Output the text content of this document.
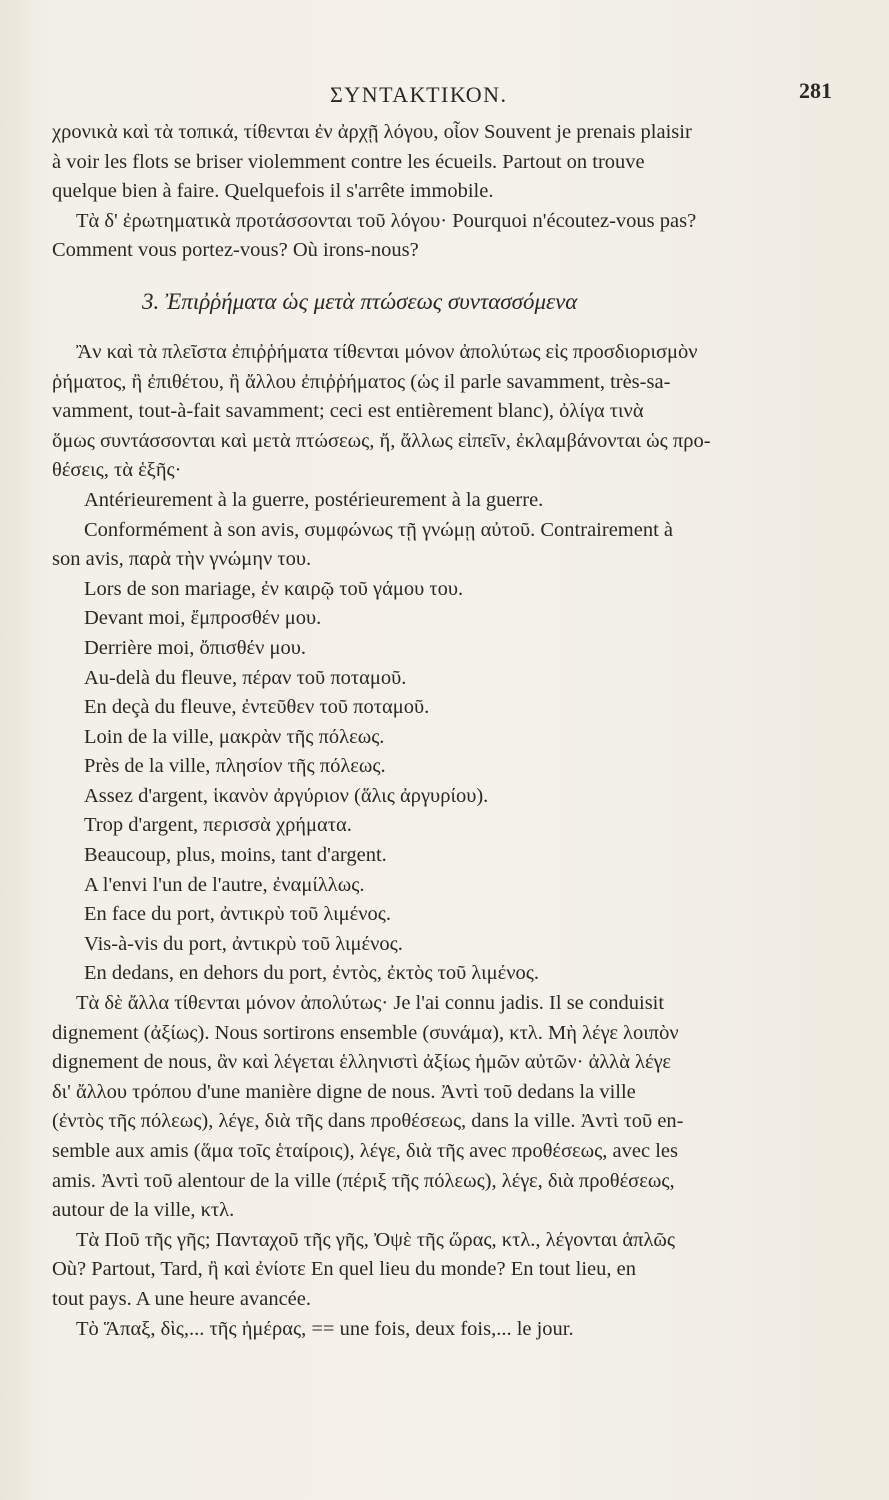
ΣΥΝΤΑΚΤΙΚΟΝ.	281
χρονικὰ καὶ τὰ τοπικά, τίθενται ἐν ἀρχῇ λόγου, οἷον Souvent je prenais plaisir
à voir les flots se briser violemment contre les écueils. Partout on trouve
quelque bien à faire. Quelquefois il s'arrête immobile.
Τὰ δ' ἐρωτηματικὰ προτάσσονται τοῦ λόγου· Pourquoi n'écoutez-vous pas?
Comment vous portez-vous? Où irons-nous?
3. Ἐπιῤῥήματα ὡς μετὰ πτώσεως συντασσόμενα
Ἂν καὶ τὰ πλεῖστα ἐπιῤῥήματα τίθενται μόνον ἀπολύτως εἰς προσδιορισμὸν
ῥήματος, ἢ ἐπιθέτου, ἢ ἄλλου ἐπιῤῥήματος (ὡς il parle savamment, très-sa-
vamment, tout-à-fait savamment; ceci est entièrement blanc), ὀλίγα τινὰ
ὅμως συντάσσονται καὶ μετὰ πτώσεως, ἤ, ἄλλως εἰπεῖν, ἐκλαμβάνονται ὡς προ-
θέσεις, τὰ ἑξῆς·
Antérieurement à la guerre, postérieurement à la guerre.
Conformément à son avis, συμφώνως τῇ γνώμῃ αὐτοῦ. Contrairement à
son avis, παρὰ τὴν γνώμην του.
Lors de son mariage, ἐν καιρῷ τοῦ γάμου του.
Devant moi, ἔμπροσθέν μου.
Derrière moi, ὄπισθέν μου.
Au-delà du fleuve, πέραν τοῦ ποταμοῦ.
En deçà du fleuve, ἐντεῦθεν τοῦ ποταμοῦ.
Loin de la ville, μακρὰν τῆς πόλεως.
Près de la ville, πλησίον τῆς πόλεως.
Assez d'argent, ἱκανὸν ἀργύριον (ἅλις ἀργυρίου).
Trop d'argent, περισσὰ χρήματα.
Beaucoup, plus, moins, tant d'argent.
A l'envi l'un de l'autre, ἐναμίλλως.
En face du port, ἀντικρὺ τοῦ λιμένος.
Vis-à-vis du port, ἀντικρὺ τοῦ λιμένος.
En dedans, en dehors du port, ἐντὸς, ἐκτὸς τοῦ λιμένος.
Τὰ δὲ ἄλλα τίθενται μόνον ἀπολύτως· Je l'ai connu jadis. Il se conduisit
dignement (ἀξίως). Nous sortirons ensemble (συνάμα), κτλ. Μὴ λέγε λοιπὸν
dignement de nous, ἂν καὶ λέγεται ἑλληνιστὶ ἀξίως ἡμῶν αὐτῶν· ἀλλὰ λέγε
δι' ἄλλου τρόπου d'une manière digne de nous. Ἀντὶ τοῦ dedans la ville
(ἐντὸς τῆς πόλεως), λέγε, διὰ τῆς dans προθέσεως, dans la ville. Ἀντὶ τοῦ en-
semble aux amis (ἅμα τοῖς ἑταίροις), λέγε, διὰ τῆς avec προθέσεως, avec les
amis. Ἀντὶ τοῦ alentour de la ville (πέριξ τῆς πόλεως), λέγε, διὰ προθέσεως,
autour de la ville, κτλ.
Τὰ Ποῦ τῆς γῆς; Πανταχοῦ τῆς γῆς, Ὀψὲ τῆς ὥρας, κτλ., λέγονται ἁπλῶς
Où? Partout, Tard, ἢ καὶ ἐνίοτε En quel lieu du monde? En tout lieu, en
tout pays. A une heure avancée.
Τὸ Ἅπαξ, δὶς,... τῆς ἡμέρας, == une fois, deux fois,... le jour.
